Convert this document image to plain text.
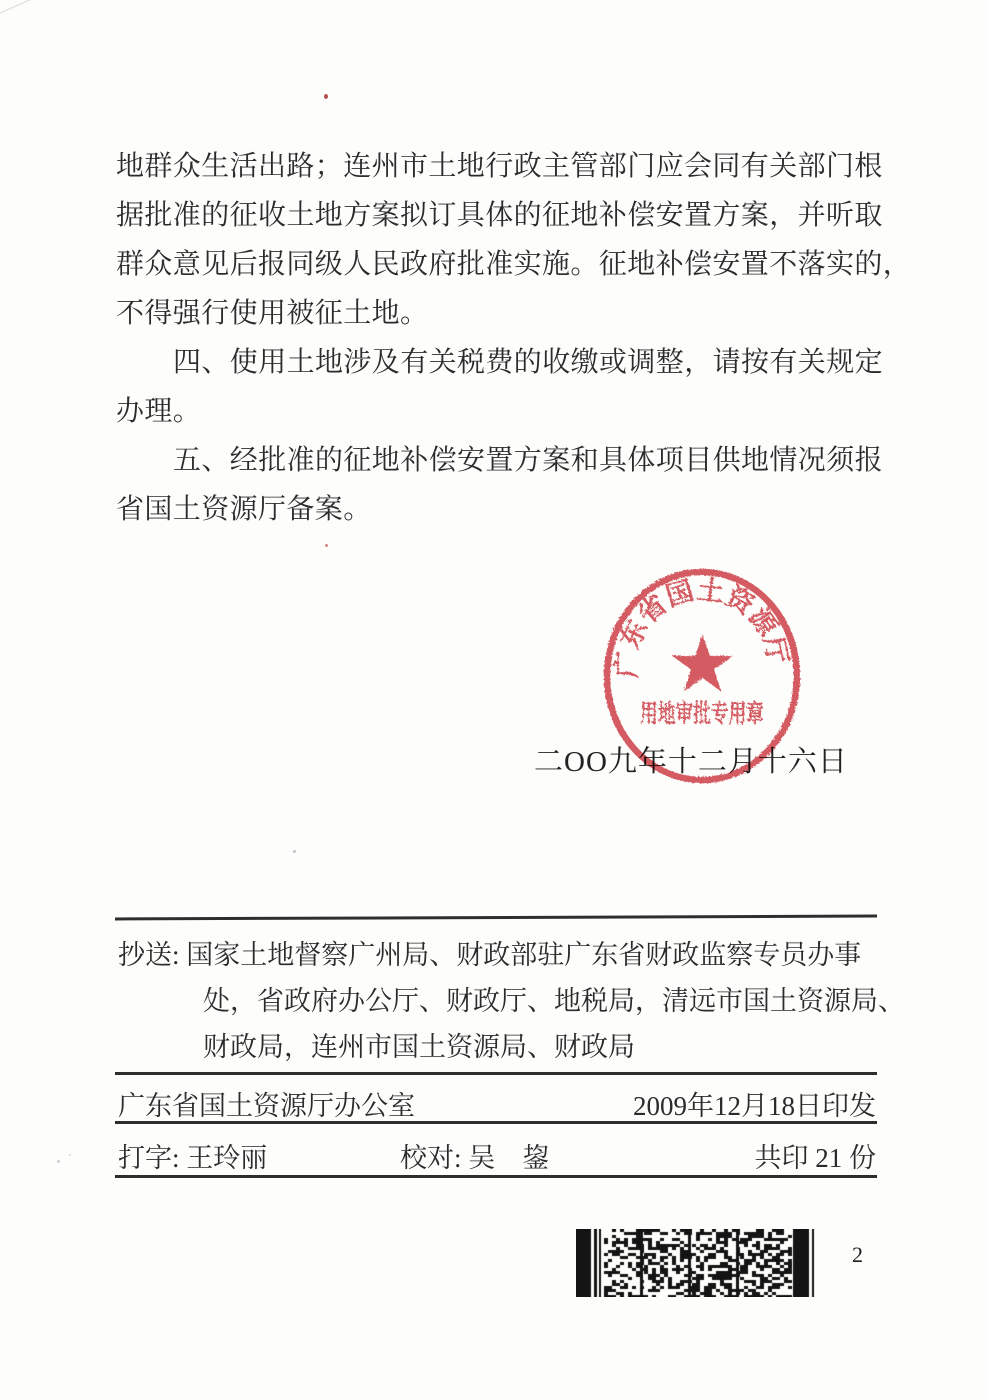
地群众生活出路；连州市土地行政主管部门应会同有关部门根
据批准的征收土地方案拟订具体的征地补偿安置方案，并听取
群众意见后报同级人民政府批准实施。征地补偿安置不落实的，
不得强行使用被征土地。
四、使用土地涉及有关税费的收缴或调整，请按有关规定
办理。
五、经批准的征地补偿安置方案和具体项目供地情况须报
省国土资源厅备案。
二OO九年十二月十六日
广东省国土资源厅
用地审批专用章
抄送: 国家土地督察广州局、财政部驻广东省财政监察专员办事
处，省政府办公厅、财政厅、地税局，清远市国土资源局、
财政局，连州市国土资源局、财政局
广东省国土资源厅办公室	2009年12月18日印发
打字: 王玲丽	校对: 吴　鋆	共印 21 份
2
